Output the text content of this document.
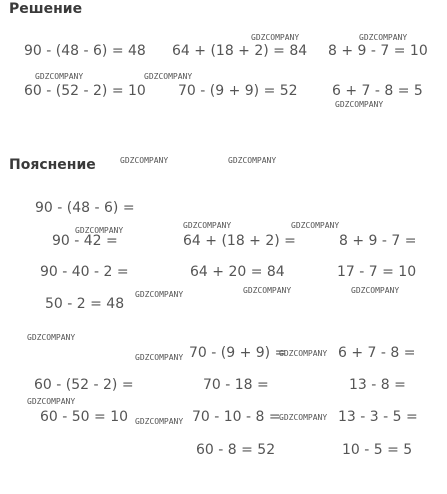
Решение
Пояснение
90 - (48 - 6) = 48 64 + (18 + 2) = 84 8 + 9 - 7 = 10
60 - (52 - 2) = 10 70 - (9 + 9) = 52 6 + 7 - 8 = 5
90 - (48 - 6) =
90 - 42 =
90 - 40 - 2 =
50 - 2 = 48
64 + (18 + 2) =
64 + 20 = 84
8 + 9 - 7 =
17 - 7 = 10
60 - (52 - 2) =
60 - 50 = 10
70 - (9 + 9) =
70 - 18 =
70 - 10 - 8 =
60 - 8 = 52
6 + 7 - 8 =
13 - 8 =
13 - 3 - 5 =
10 - 5 = 5
GDZCOMPANY	GDZCOMPANY
GDZCOMPANY	GDZCOMPANY
GDZCOMPANY
GDZCOMPANY	GDZCOMPANY
GDZCOMPANY	GDZCOMPANY
GDZCOMPANY
GDZCOMPANY	GDZCOMPANY
GDZCOMPANY
GDZCOMPANY
GDZCOMPANY	GDZCOMPANY
GDZCOMPANY
GDZCOMPANY	GDZCOMPANY
